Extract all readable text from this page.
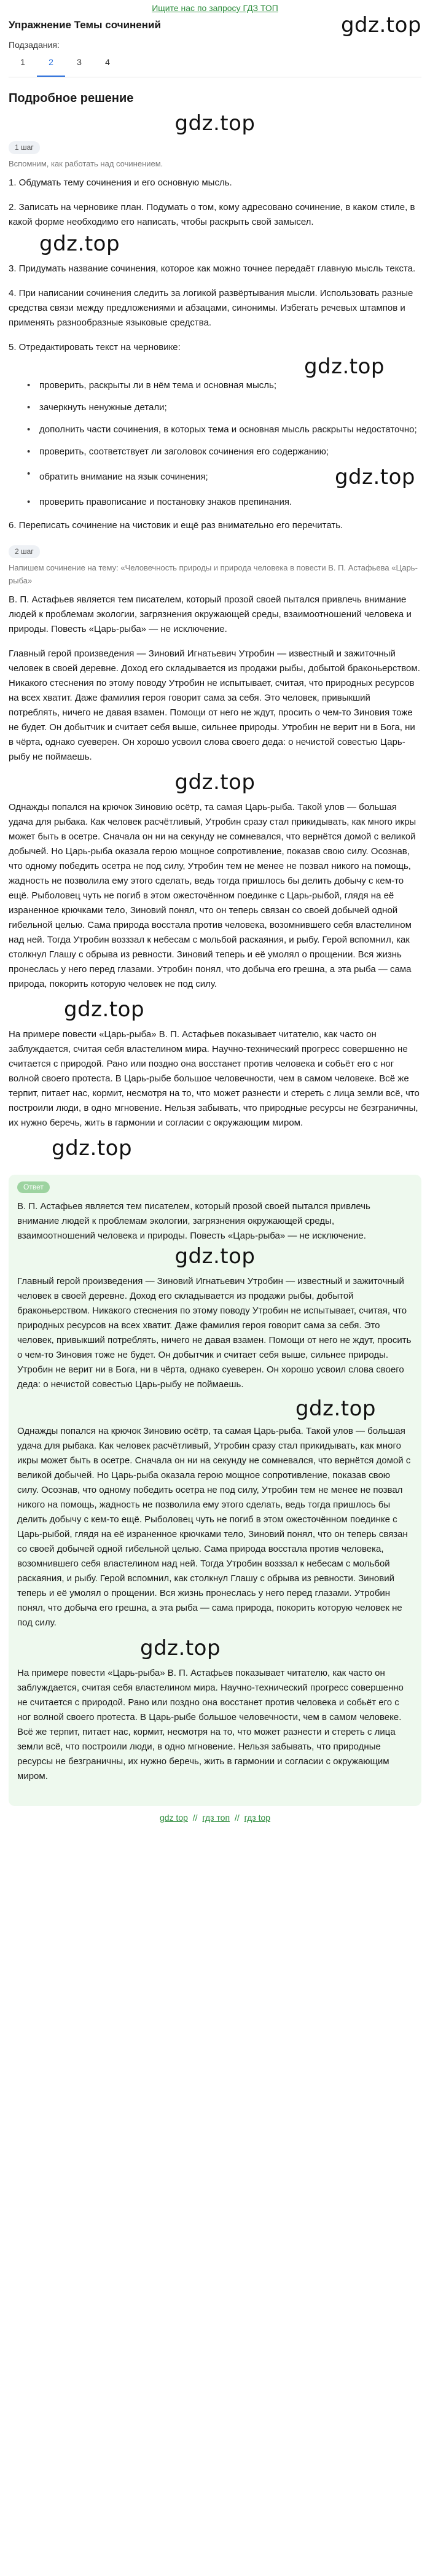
Ищите нас по запросу ГДЗ ТОП
Упражнение Темы сочинений	gdz.top
Подзадания:
1	2	3	4
Подробное решение
gdz.top
1 шаг
Вспомним, как работать над сочинением.
1. Обдумать тему сочинения и его основную мысль.
2. Записать на черновике план. Подумать о том, кому адресовано сочинение, в каком стиле, в какой форме необходимо его написать, чтобы раскрыть свой замысел.
gdz.top
3. Придумать название сочинения, которое как можно точнее передаёт главную мысль текста.
4. При написании сочинения следить за логикой развёртывания мысли. Использовать разные средства связи между предложениями и абзацами, синонимы. Избегать речевых штампов и применять разнообразные языковые средства.
5. Отредактировать текст на черновике:
gdz.top
• проверить, раскрыты ли в нём тема и основная мысль;
• зачеркнуть ненужные детали;
• дополнить части сочинения, в которых тема и основная мысль раскрыты недостаточно;
• проверить, соответствует ли заголовок сочинения его содержанию;
• обратить внимание на язык сочинения;	gdz.top
• проверить правописание и постановку знаков препинания.
6. Переписать сочинение на чистовик и ещё раз внимательно его перечитать.
2 шаг
Напишем сочинение на тему: «Человечность природы и природа человека в повести В. П. Астафьева «Царь-рыба»
В. П. Астафьев является тем писателем, который прозой своей пытался привлечь внимание людей к проблемам экологии, загрязнения окружающей среды, взаимоотношений человека и природы. Повесть «Царь-рыба» — не исключение.
Главный герой произведения — Зиновий Игнатьевич Утробин — известный и зажиточный человек в своей деревне. Доход его складывается из продажи рыбы, добытой браконьерством. Никакого стеснения по этому поводу Утробин не испытывает, считая, что природных ресурсов на всех хватит. Даже фамилия героя говорит сама за себя. Это человек, привыкший потреблять, ничего не давая взамен. Помощи от него не ждут, просить о чем-то Зиновия тоже не будет. Он добытчик и считает себя выше, сильнее природы. Утробин не верит ни в Бога, ни в чёрта, однако суеверен. Он хорошо усвоил слова своего деда: о нечистой совестью Царь-рыбу не поймаешь.
gdz.top
Однажды попался на крючок Зиновию осётр, та самая Царь-рыба. Такой улов — большая удача для рыбака. Как человек расчётливый, Утробин сразу стал прикидывать, как много икры может быть в осетре. Сначала он ни на секунду не сомневался, что вернётся домой с великой добычей. Но Царь-рыба оказала герою мощное сопротивление, показав свою силу. Осознав, что одному победить осетра не под силу, Утробин тем не менее не позвал никого на помощь, жадность не позволила ему этого сделать, ведь тогда пришлось бы делить добычу с кем-то ещё. Рыболовец чуть не погиб в этом ожесточённом поединке с Царь-рыбой, глядя на её израненное крючками тело, Зиновий понял, что он теперь связан со своей добычей одной гибельной целью. Сама природа восстала против человека, возомнившего себя властелином над ней. Тогда Утробин возззал к небесам с мольбой раскаяния, и рыбу. Герой вспомнил, как столкнул Глашу с обрыва из ревности. Зиновий теперь и её умолял о прощении. Вся жизнь пронеслась у него перед глазами. Утробин понял, что добыча его грешна, а эта рыба — сама природа, покорить которую человек не под силу.
gdz.top
На примере повести «Царь-рыба» В. П. Астафьев показывает читателю, как часто он заблуждается, считая себя властелином мира. Научно-технический прогресс совершенно не считается с природой. Рано или поздно она восстанет против человека и собьёт его с ног волной своего протеста. В Царь-рыбе большое человечности, чем в самом человеке. Всё же терпит, питает нас, кормит, несмотря на то, что может разнести и стереть с лица земли всё, что построили люди, в одно мгновение. Нельзя забывать, что природные ресурсы не безграничны, их нужно беречь, жить в гармонии и согласии с окружающим миром.
gdz.top
Ответ
В. П. Астафьев является тем писателем, который прозой своей пытался привлечь внимание людей к проблемам экологии, загрязнения окружающей среды, взаимоотношений человека и природы. Повесть «Царь-рыба» — не исключение.
gdz.top
Главный герой произведения — Зиновий Игнатьевич Утробин — известный и зажиточный человек в своей деревне. Доход его складывается из продажи рыбы, добытой браконьерством. Никакого стеснения по этому поводу Утробин не испытывает, считая, что природных ресурсов на всех хватит. Даже фамилия героя говорит сама за себя. Это человек, привыкший потреблять, ничего не давая взамен. Помощи от него не ждут, просить о чем-то Зиновия тоже не будет. Он добытчик и считает себя выше, сильнее природы. Утробин не верит ни в Бога, ни в чёрта, однако суеверен. Он хорошо усвоил слова своего деда: о нечистой совестью Царь-рыбу не поймаешь.
gdz.top
Однажды попался на крючок Зиновию осётр, та самая Царь-рыба. Такой улов — большая удача для рыбака. Как человек расчётливый, Утробин сразу стал прикидывать, как много икры может быть в осетре. Сначала он ни на секунду не сомневался, что вернётся домой с великой добычей. Но Царь-рыба оказала герою мощное сопротивление, показав свою силу. Осознав, что одному победить осетра не под силу, Утробин тем не менее не позвал никого на помощь, жадность не позволила ему этого сделать, ведь тогда пришлось бы делить добычу с кем-то ещё. Рыболовец чуть не погиб в этом ожесточённом поединке с Царь-рыбой, глядя на её израненное крючками тело, Зиновий понял, что он теперь связан со своей добычей одной гибельной целью. Сама природа восстала против человека, возомнившего себя властелином над ней. Тогда Утробин возззал к небесам с мольбой раскаяния, и рыбу. Герой вспомнил, как столкнул Глашу с обрыва из ревности. Зиновий теперь и её умолял о прощении. Вся жизнь пронеслась у него перед глазами. Утробин понял, что добыча его грешна, а эта рыба — сама природа, покорить которую человек не под силу.
gdz.top
На примере повести «Царь-рыба» В. П. Астафьев показывает читателю, как часто он заблуждается, считая себя властелином мира. Научно-технический прогресс совершенно не считается с природой. Рано или поздно она восстанет против человека и собьёт его с ног волной своего протеста. В Царь-рыбе большое человечности, чем в самом человеке. Всё же терпит, питает нас, кормит, несмотря на то, что может разнести и стереть с лица земли всё, что построили люди, в одно мгновение. Нельзя забывать, что природные ресурсы не безграничны, их нужно беречь, жить в гармонии и согласии с окружающим миром.
gdz top // гдз топ // гдз top
